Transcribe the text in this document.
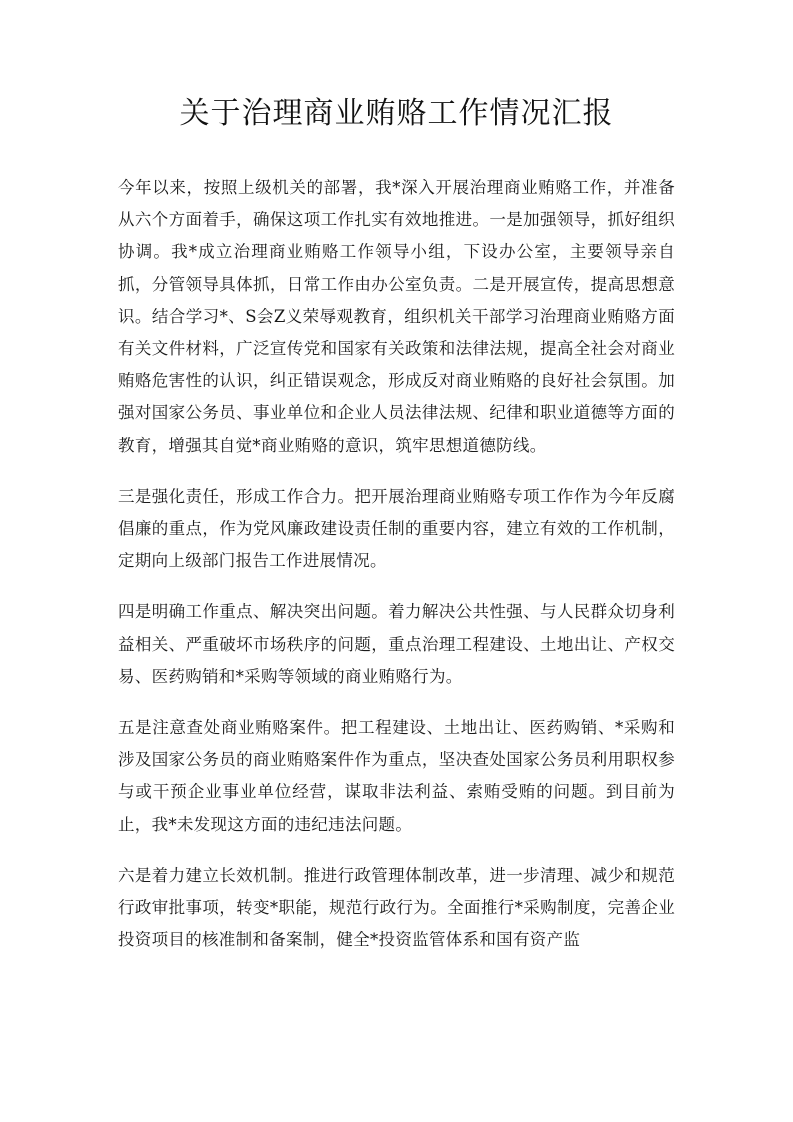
关于治理商业贿赂工作情况汇报

今年以来，按照上级机关的部署，我*深入开展治理商业贿赂工作，并准备从六个方面着手，确保这项工作扎实有效地推进。一是加强领导，抓好组织协调。我*成立治理商业贿赂工作领导小组，下设办公室，主要领导亲自抓，分管领导具体抓，日常工作由办公室负责。二是开展宣传，提高思想意识。结合学习*、S会Z义荣辱观教育，组织机关干部学习治理商业贿赂方面有关文件材料，广泛宣传党和国家有关政策和法律法规，提高全社会对商业贿赂危害性的认识，纠正错误观念，形成反对商业贿赂的良好社会氛围。加强对国家公务员、事业单位和企业人员法律法规、纪律和职业道德等方面的教育，增强其自觉*商业贿赂的意识，筑牢思想道德防线。

三是强化责任，形成工作合力。把开展治理商业贿赂专项工作作为今年反腐倡廉的重点，作为党风廉政建设责任制的重要内容，建立有效的工作机制，定期向上级部门报告工作进展情况。

四是明确工作重点、解决突出问题。着力解决公共性强、与人民群众切身利益相关、严重破坏市场秩序的问题，重点治理工程建设、土地出让、产权交易、医药购销和*采购等领域的商业贿赂行为。

五是注意查处商业贿赂案件。把工程建设、土地出让、医药购销、*采购和涉及国家公务员的商业贿赂案件作为重点，坚决查处国家公务员利用职权参与或干预企业事业单位经营，谋取非法利益、索贿受贿的问题。到目前为止，我*未发现这方面的违纪违法问题。

六是着力建立长效机制。推进行政管理体制改革，进一步清理、减少和规范行政审批事项，转变*职能，规范行政行为。全面推行*采购制度，完善企业投资项目的核准制和备案制，健全*投资监管体系和国有资产监
